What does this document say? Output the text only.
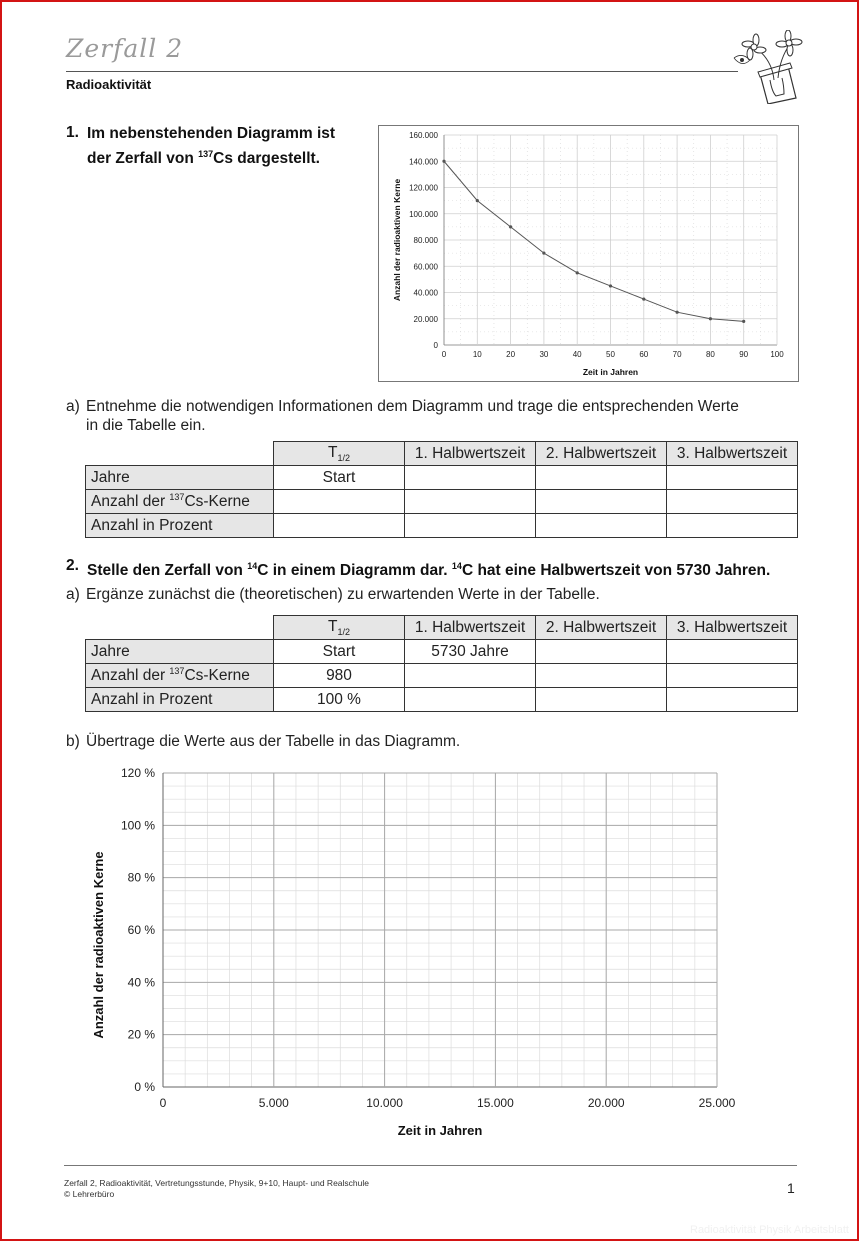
Zerfall 2
Radioaktivität
1. Im nebenstehenden Diagramm ist
der Zerfall von $^{137}$Cs dargestellt.
0
20.000
40.000
60.000
80.000
100.000
120.000
140.000
160.000
0	10	20	30	40	50	60	70	80	90	100
Zeit in Jahren
Anzahl der radioaktiven Kerne
a) Entnehme die notwendigen Informationen dem Diagramm und trage die entsprechenden Werte
in die Tabelle ein.
	$T_{1/2}$	1. Halbwertszeit	2. Halbwertszeit	3. Halbwertszeit
Jahre	Start			
Anzahl der $^{137}$Cs-Kerne				
Anzahl in Prozent				
2. Stelle den Zerfall von $^{14}$C in einem Diagramm dar. $^{14}$C hat eine Halbwertszeit von 5730 Jahren.
a) Ergänze zunächst die (theoretischen) zu erwartenden Werte in der Tabelle.
	$T_{1/2}$	1. Halbwertszeit	2. Halbwertszeit	3. Halbwertszeit
Jahre	Start	5730 Jahre		
Anzahl der $^{137}$Cs-Kerne	980			
Anzahl in Prozent	100 %			
b) Übertrage die Werte aus der Tabelle in das Diagramm.
0 %
20 %
40 %
60 %
80 %
100 %
120 %
0	5.000	10.000	15.000	20.000	25.000
Zeit in Jahren
Anzahl der radioaktiven Kerne
Zerfall 2, Radioaktivität, Vertretungsstunde, Physik, 9+10, Haupt- und Realschule
© Lehrerbüro	1
Radioaktivität Physik Arbeitsblatt
